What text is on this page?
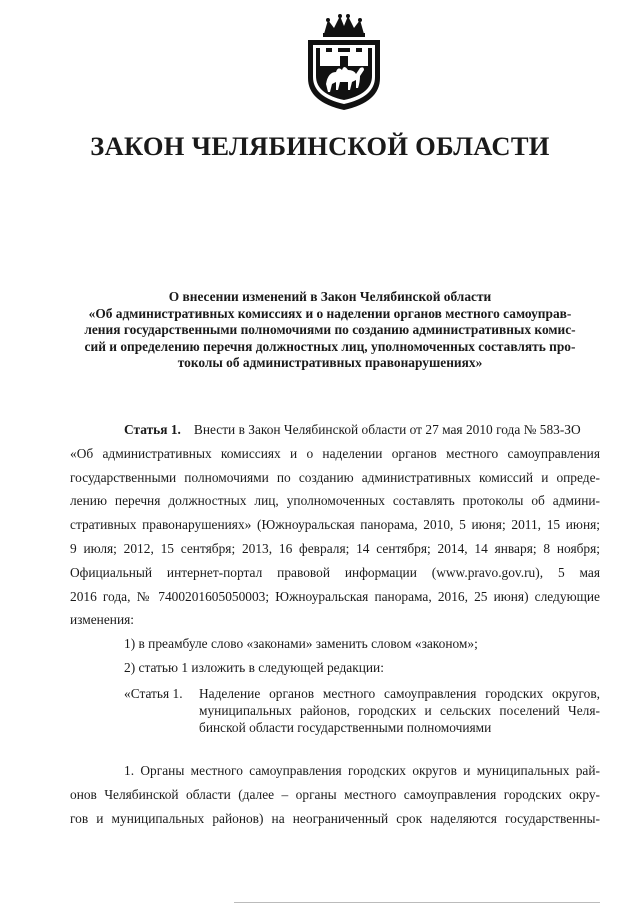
ЗАКОН ЧЕЛЯБИНСКОЙ ОБЛАСТИ
О внесении изменений в Закон Челябинской области
«Об административных комиссиях и о наделении органов местного самоуправ-
ления государственными полномочиями по созданию административных комис-
сий и определению перечня должностных лиц, уполномоченных составлять про-
токолы об административных правонарушениях»
Статья 1. Внести в Закон Челябинской области от 27 мая 2010 года № 583-ЗО
«Об административных комиссиях и о наделении органов местного самоуправления
государственными полномочиями по созданию административных комиссий и опреде-
лению перечня должностных лиц, уполномоченных составлять протоколы об админи-
стративных правонарушениях» (Южноуральская панорама, 2010, 5 июня; 2011, 15 июня;
9 июля; 2012, 15 сентября; 2013, 16 февраля; 14 сентября; 2014, 14 января; 8 ноября;
Официальный интернет-портал правовой информации (www.pravo.gov.ru), 5 мая
2016 года, № 7400201605050003; Южноуральская панорама, 2016, 25 июня) следующие
изменения:
1) в преамбуле слово «законами» заменить словом «законом»;
2) статью 1 изложить в следующей редакции:
«Статья 1. Наделение органов местного самоуправления городских округов,
муниципальных районов, городских и сельских поселений Челя-
бинской области государственными полномочиями
1. Органы местного самоуправления городских округов и муниципальных рай-
онов Челябинской области (далее – органы местного самоуправления городских окру-
гов и муниципальных районов) на неограниченный срок наделяются государственны-
